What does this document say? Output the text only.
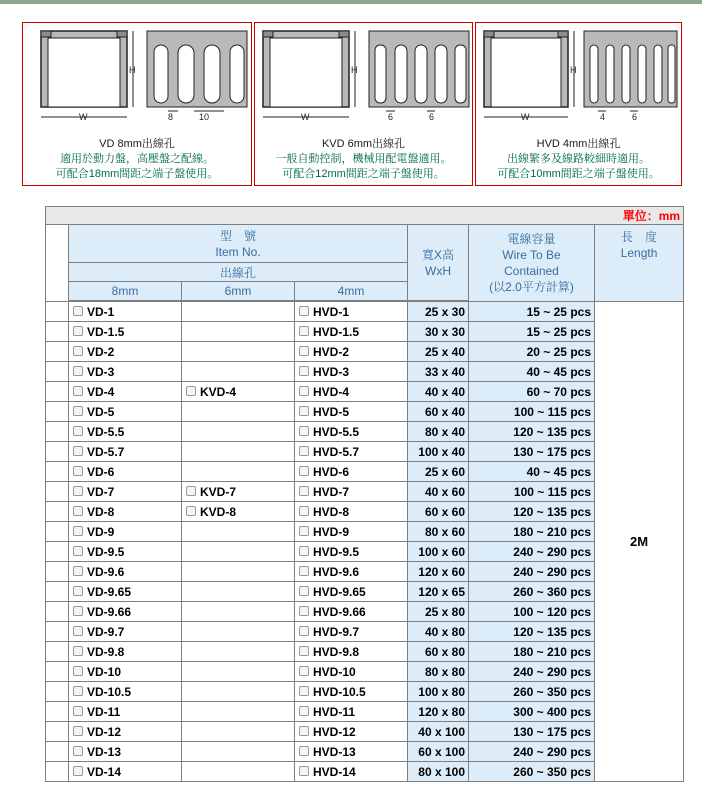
H
W	8	10
VD 8mm出線孔
適用於動力盤，高壓盤之配線。
可配合18mm間距之端子盤使用。
H
W	6	6
KVD 6mm出線孔
一般自動控制，機械用配電盤適用。
可配合12mm間距之端子盤使用。
H
W	4	6
HVD 4mm出線孔
出線繁多及線路較細時適用。
可配合10mm間距之端子盤使用。
單位：mm						

	型　號
Item No.			寬X高
WxH	電線容量
Wire To Be
Contained
(以2.0平方計算)	長　度
Length

	出線孔					
	8mm	6mm	4mm			

	VD-1		HVD-1	25 x 30	15 ~ 25 pcs	2M
	VD-1.5		HVD-1.5	30 x 30	15 ~ 25 pcs	
	VD-2		HVD-2	25 x 40	20 ~ 25 pcs	
	VD-3		HVD-3	33 x 40	40 ~ 45 pcs	
	VD-4	KVD-4	HVD-4	40 x 40	60 ~ 70 pcs	
	VD-5		HVD-5	60 x 40	100 ~ 115 pcs	
	VD-5.5		HVD-5.5	80 x 40	120 ~ 135 pcs	
	VD-5.7		HVD-5.7	100 x 40	130 ~ 175 pcs	
	VD-6		HVD-6	25 x 60	40 ~ 45 pcs	
	VD-7	KVD-7	HVD-7	40 x 60	100 ~ 115 pcs	
	VD-8	KVD-8	HVD-8	60 x 60	120 ~ 135 pcs	
	VD-9		HVD-9	80 x 60	180 ~ 210 pcs	
	VD-9.5		HVD-9.5	100 x 60	240 ~ 290 pcs	
	VD-9.6		HVD-9.6	120 x 60	240 ~ 290 pcs	
	VD-9.65		HVD-9.65	120 x 65	260 ~ 360 pcs	
	VD-9.66		HVD-9.66	25 x 80	100 ~ 120 pcs	
	VD-9.7		HVD-9.7	40 x 80	120 ~ 135 pcs	
	VD-9.8		HVD-9.8	60 x 80	180 ~ 210 pcs	
	VD-10		HVD-10	80 x 80	240 ~ 290 pcs	
	VD-10.5		HVD-10.5	100 x 80	260 ~ 350 pcs	
	VD-11		HVD-11	120 x 80	300 ~ 400 pcs	
	VD-12		HVD-12	40 x 100	130 ~ 175 pcs	
	VD-13		HVD-13	60 x 100	240 ~ 290 pcs	
	VD-14		HVD-14	80 x 100	260 ~ 350 pcs	
